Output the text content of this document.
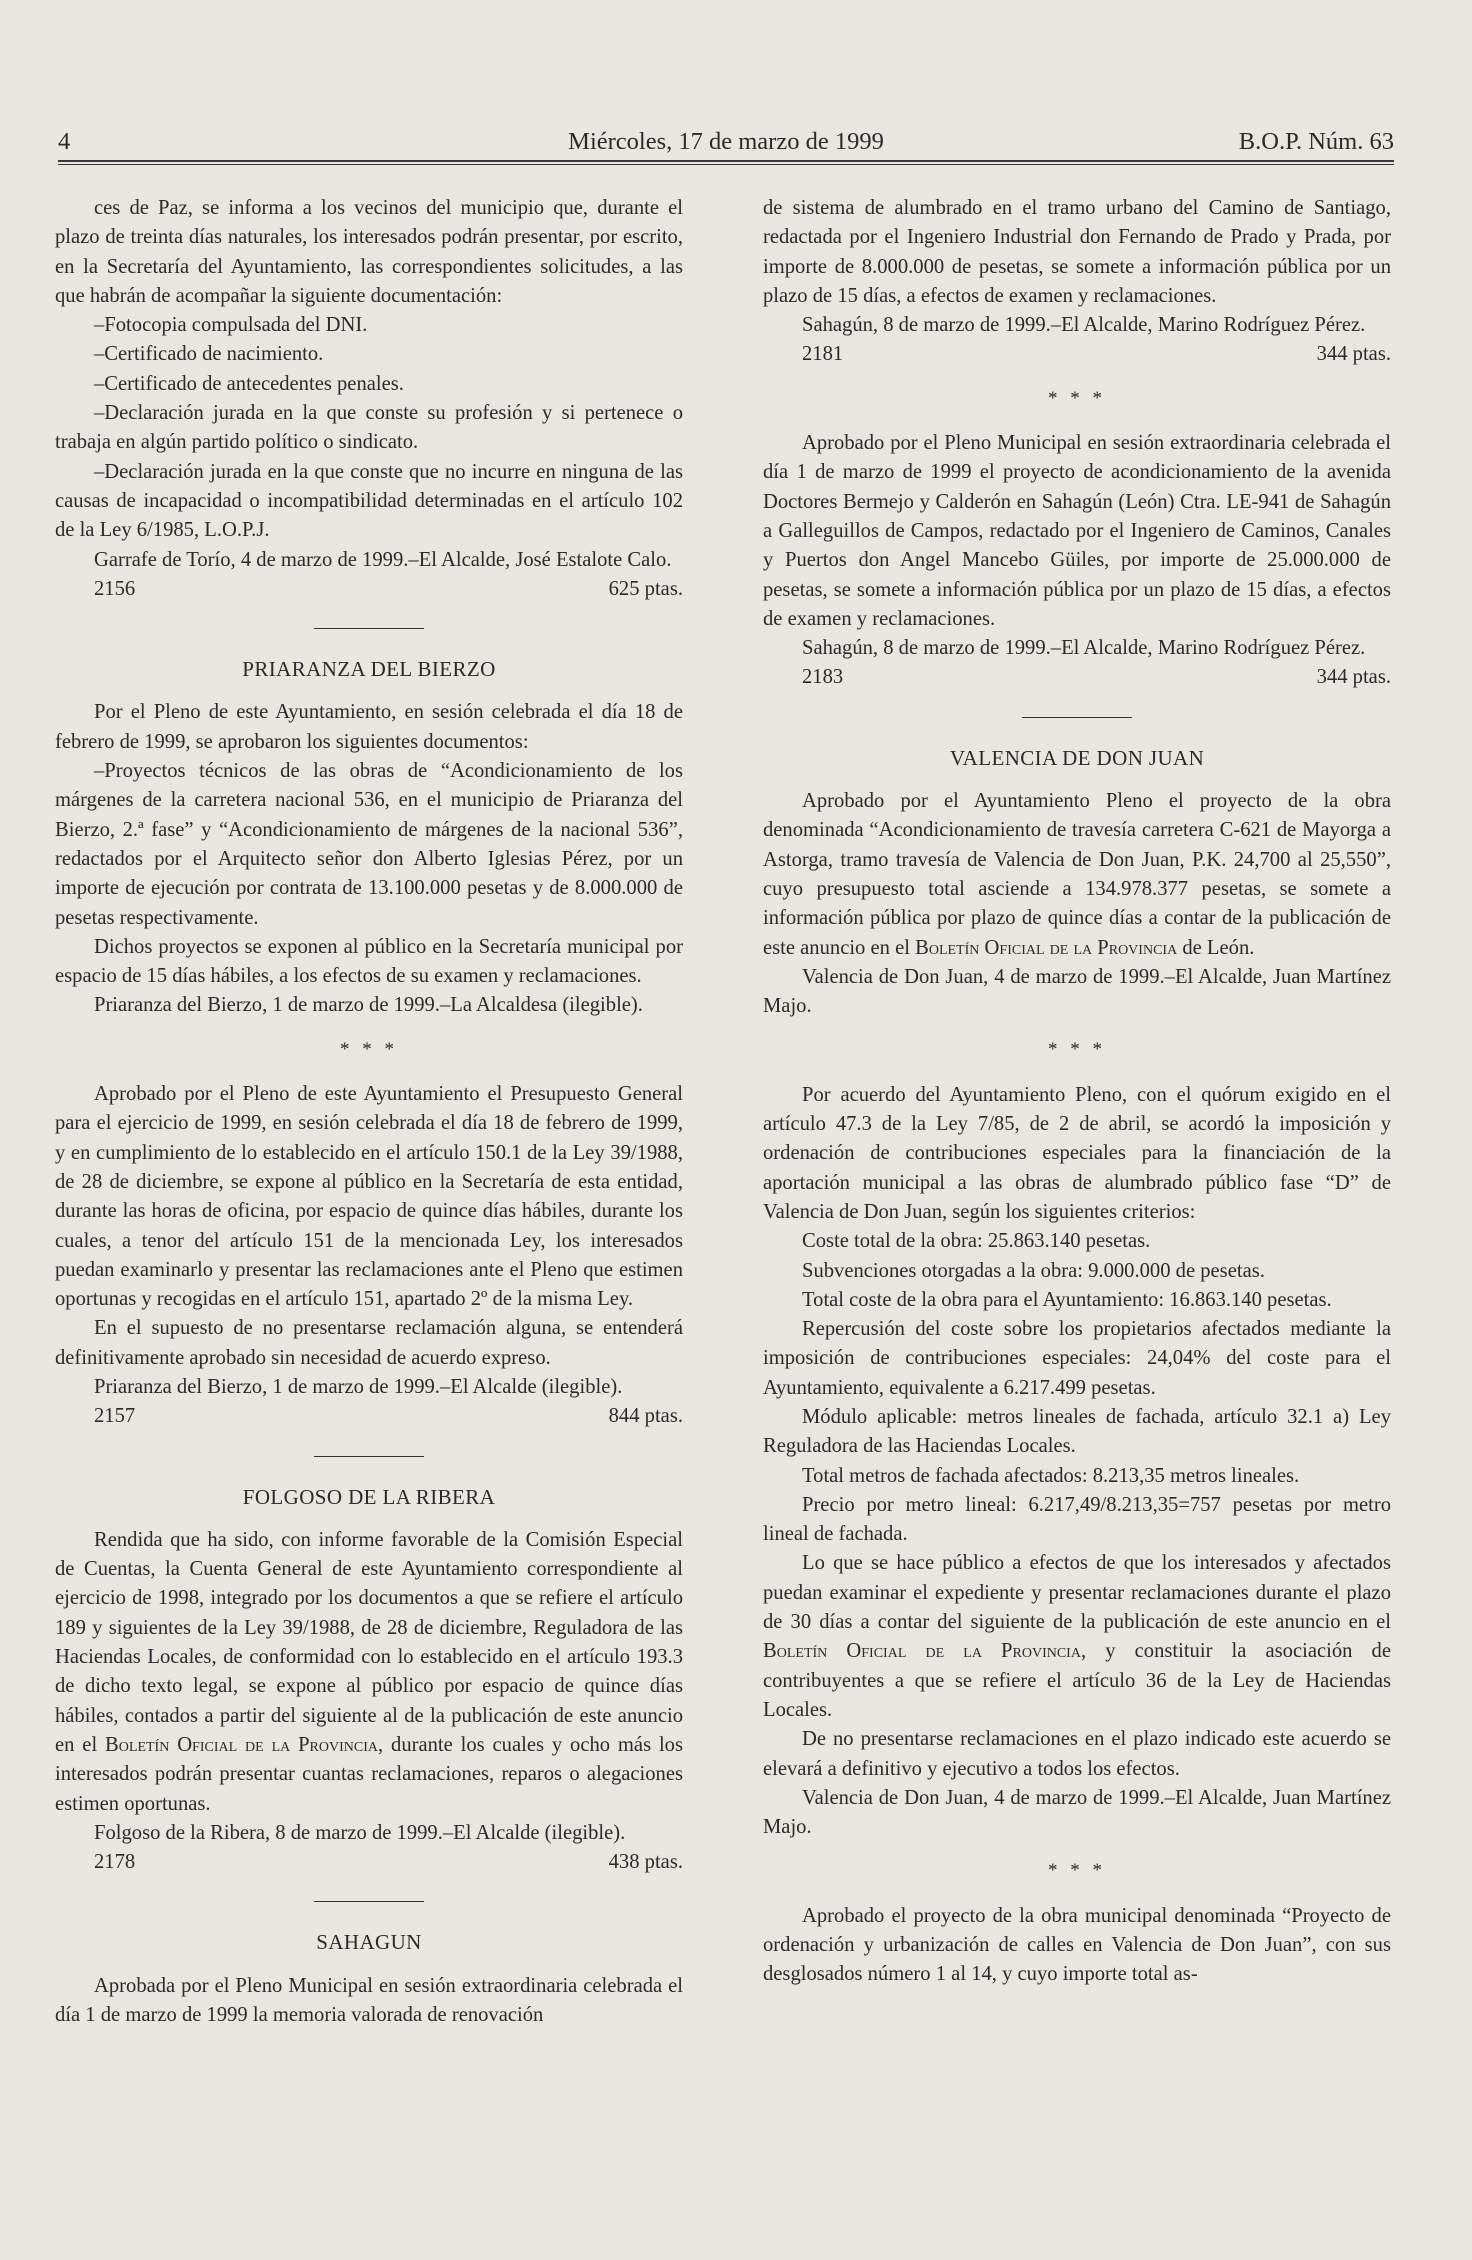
4	Miércoles, 17 de marzo de 1999	B.O.P. Núm. 63

ces de Paz, se informa a los vecinos del municipio que, durante el plazo de treinta días naturales, los interesados podrán presentar, por escrito, en la Secretaría del Ayuntamiento, las correspondientes solicitudes, a las que habrán de acompañar la siguiente documentación:

–Fotocopia compulsada del DNI.

–Certificado de nacimiento.

–Certificado de antecedentes penales.

–Declaración jurada en la que conste su profesión y si pertenece o trabaja en algún partido político o sindicato.

–Declaración jurada en la que conste que no incurre en ninguna de las causas de incapacidad o incompatibilidad determinadas en el artículo 102 de la Ley 6/1985, L.O.P.J.

Garrafe de Torío, 4 de marzo de 1999.–El Alcalde, José Estalote Calo.

2156	625 ptas.

PRIARANZA DEL BIERZO

Por el Pleno de este Ayuntamiento, en sesión celebrada el día 18 de febrero de 1999, se aprobaron los siguientes documentos:

–Proyectos técnicos de las obras de “Acondicionamiento de los márgenes de la carretera nacional 536, en el municipio de Priaranza del Bierzo, 2.ª fase” y “Acondicionamiento de márgenes de la nacional 536”, redactados por el Arquitecto señor don Alberto Iglesias Pérez, por un importe de ejecución por contrata de 13.100.000 pesetas y de 8.000.000 de pesetas respectivamente.

Dichos proyectos se exponen al público en la Secretaría municipal por espacio de 15 días hábiles, a los efectos de su examen y reclamaciones.

Priaranza del Bierzo, 1 de marzo de 1999.–La Alcaldesa (ilegible).

* * *

Aprobado por el Pleno de este Ayuntamiento el Presupuesto General para el ejercicio de 1999, en sesión celebrada el día 18 de febrero de 1999, y en cumplimiento de lo establecido en el artículo 150.1 de la Ley 39/1988, de 28 de diciembre, se expone al público en la Secretaría de esta entidad, durante las horas de oficina, por espacio de quince días hábiles, durante los cuales, a tenor del artículo 151 de la mencionada Ley, los interesados puedan examinarlo y presentar las reclamaciones ante el Pleno que estimen oportunas y recogidas en el artículo 151, apartado 2º de la misma Ley.

En el supuesto de no presentarse reclamación alguna, se entenderá definitivamente aprobado sin necesidad de acuerdo expreso.

Priaranza del Bierzo, 1 de marzo de 1999.–El Alcalde (ilegible).

2157	844 ptas.

FOLGOSO DE LA RIBERA

Rendida que ha sido, con informe favorable de la Comisión Especial de Cuentas, la Cuenta General de este Ayuntamiento correspondiente al ejercicio de 1998, integrado por los documentos a que se refiere el artículo 189 y siguientes de la Ley 39/1988, de 28 de diciembre, Reguladora de las Haciendas Locales, de conformidad con lo establecido en el artículo 193.3 de dicho texto legal, se expone al público por espacio de quince días hábiles, contados a partir del siguiente al de la publicación de este anuncio en el Boletín Oficial de la Provincia, durante los cuales y ocho más los interesados podrán presentar cuantas reclamaciones, reparos o alegaciones estimen oportunas.

Folgoso de la Ribera, 8 de marzo de 1999.–El Alcalde (ilegible).

2178	438 ptas.

SAHAGUN

Aprobada por el Pleno Municipal en sesión extraordinaria celebrada el día 1 de marzo de 1999 la memoria valorada de renovación

de sistema de alumbrado en el tramo urbano del Camino de Santiago, redactada por el Ingeniero Industrial don Fernando de Prado y Prada, por importe de 8.000.000 de pesetas, se somete a información pública por un plazo de 15 días, a efectos de examen y reclamaciones.

Sahagún, 8 de marzo de 1999.–El Alcalde, Marino Rodríguez Pérez.

2181	344 ptas.

* * *

Aprobado por el Pleno Municipal en sesión extraordinaria celebrada el día 1 de marzo de 1999 el proyecto de acondicionamiento de la avenida Doctores Bermejo y Calderón en Sahagún (León) Ctra. LE-941 de Sahagún a Galleguillos de Campos, redactado por el Ingeniero de Caminos, Canales y Puertos don Angel Mancebo Güiles, por importe de 25.000.000 de pesetas, se somete a información pública por un plazo de 15 días, a efectos de examen y reclamaciones.

Sahagún, 8 de marzo de 1999.–El Alcalde, Marino Rodríguez Pérez.

2183	344 ptas.

VALENCIA DE DON JUAN

Aprobado por el Ayuntamiento Pleno el proyecto de la obra denominada “Acondicionamiento de travesía carretera C-621 de Mayorga a Astorga, tramo travesía de Valencia de Don Juan, P.K. 24,700 al 25,550”, cuyo presupuesto total asciende a 134.978.377 pesetas, se somete a información pública por plazo de quince días a contar de la publicación de este anuncio en el Boletín Oficial de la Provincia de León.

Valencia de Don Juan, 4 de marzo de 1999.–El Alcalde, Juan Martínez Majo.

* * *

Por acuerdo del Ayuntamiento Pleno, con el quórum exigido en el artículo 47.3 de la Ley 7/85, de 2 de abril, se acordó la imposición y ordenación de contribuciones especiales para la financiación de la aportación municipal a las obras de alumbrado público fase “D” de Valencia de Don Juan, según los siguientes criterios:

Coste total de la obra: 25.863.140 pesetas.

Subvenciones otorgadas a la obra: 9.000.000 de pesetas.

Total coste de la obra para el Ayuntamiento: 16.863.140 pesetas.

Repercusión del coste sobre los propietarios afectados mediante la imposición de contribuciones especiales: 24,04% del coste para el Ayuntamiento, equivalente a 6.217.499 pesetas.

Módulo aplicable: metros lineales de fachada, artículo 32.1 a) Ley Reguladora de las Haciendas Locales.

Total metros de fachada afectados: 8.213,35 metros lineales.

Precio por metro lineal: 6.217,49/8.213,35=757 pesetas por metro lineal de fachada.

Lo que se hace público a efectos de que los interesados y afectados puedan examinar el expediente y presentar reclamaciones durante el plazo de 30 días a contar del siguiente de la publicación de este anuncio en el Boletín Oficial de la Provincia, y constituir la asociación de contribuyentes a que se refiere el artículo 36 de la Ley de Haciendas Locales.

De no presentarse reclamaciones en el plazo indicado este acuerdo se elevará a definitivo y ejecutivo a todos los efectos.

Valencia de Don Juan, 4 de marzo de 1999.–El Alcalde, Juan Martínez Majo.

* * *

Aprobado el proyecto de la obra municipal denominada “Proyecto de ordenación y urbanización de calles en Valencia de Don Juan”, con sus desglosados número 1 al 14, y cuyo importe total as-
